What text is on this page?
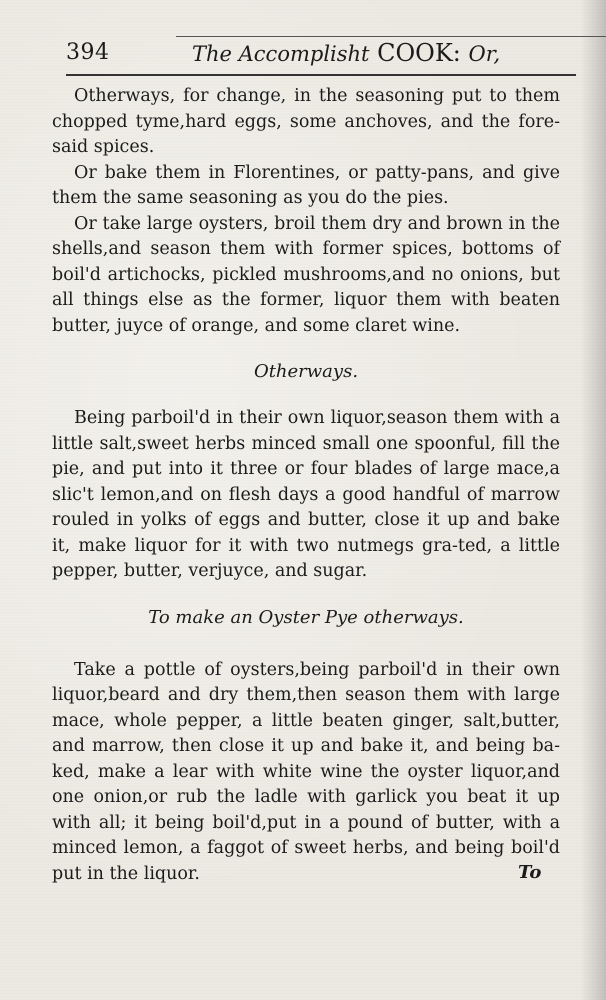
394	The Accomplisht COOK: Or,

Otherways, for change, in the seasoning put to them chopped tyme,hard eggs, some anchoves, and the fore-said spices.

Or bake them in Florentines, or patty-pans, and give them the same seasoning as you do the pies.

Or take large oysters, broil them dry and brown in the shells,and season them with former spices, bottoms of boil'd artichocks, pickled mushrooms,and no onions, but all things else as the former, liquor them with beaten butter, juyce of orange, and some claret wine.

Otherways.

Being parboil'd in their own liquor,season them with a little salt,sweet herbs minced small one spoonful, fill the pie, and put into it three or four blades of large mace,a slic't lemon,and on flesh days a good handful of marrow rouled in yolks of eggs and butter, close it up and bake it, make liquor for it with two nutmegs gra-ted, a little pepper, butter, verjuyce, and sugar.

To make an Oyster Pye otherways.

Take a pottle of oysters,being parboil'd in their own liquor,beard and dry them,then season them with large mace, whole pepper, a little beaten ginger, salt,butter, and marrow, then close it up and bake it, and being ba-ked, make a lear with white wine the oyster liquor,and one onion,or rub the ladle with garlick you beat it up with all; it being boil'd,put in a pound of butter, with a minced lemon, a faggot of sweet herbs, and being boil'd put in the liquor.	To
